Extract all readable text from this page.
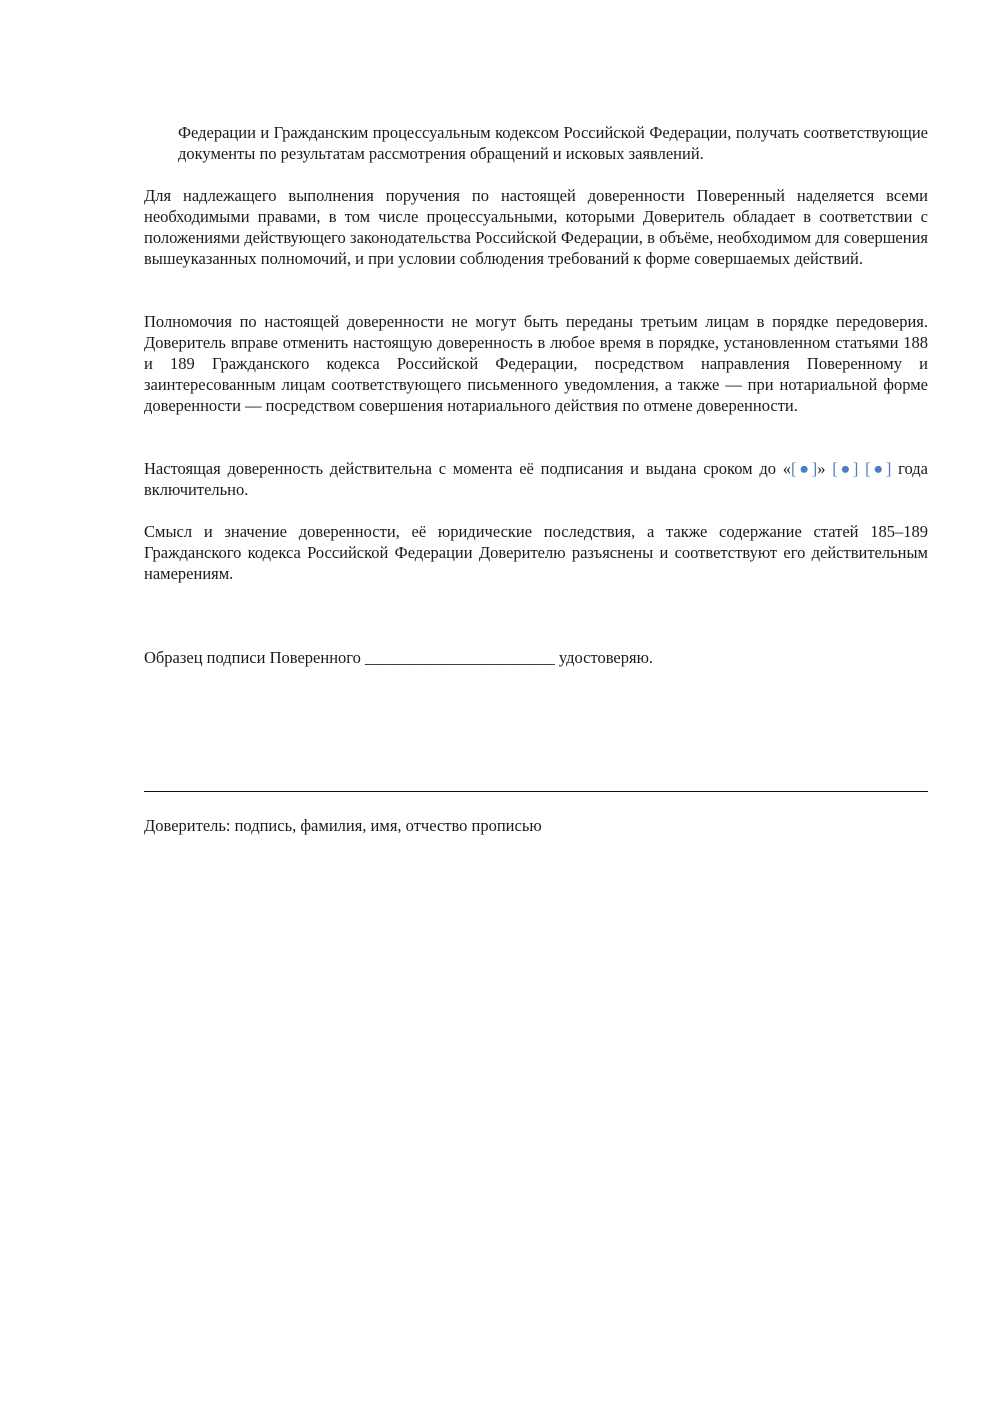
Федерации и Гражданским процессуальным кодексом Российской Федерации, получать соответствующие документы по результатам рассмотрения обращений и исковых заявлений.

Для надлежащего выполнения поручения по настоящей доверенности Поверенный наделяется всеми необходимыми правами, в том числе процессуальными, которыми Доверитель обладает в соответствии с положениями действующего законодательства Российской Федерации, в объёме, необходимом для совершения вышеуказанных полномочий, и при условии соблюдения требований к форме совершаемых действий.

Полномочия по настоящей доверенности не могут быть переданы третьим лицам в порядке передоверия. Доверитель вправе отменить настоящую доверенность в любое время в порядке, установленном статьями 188 и 189 Гражданского кодекса Российской Федерации, посредством направления Поверенному и заинтересованным лицам соответствующего письменного уведомления, а также — при нотариальной форме доверенности — посредством совершения нотариального действия по отмене доверенности.

Настоящая доверенность действительна с момента её подписания и выдана сроком до «[●]» [●] [●] года включительно.

Смысл и значение доверенности, её юридические последствия, а также содержание статей 185–189 Гражданского кодекса Российской Федерации Доверителю разъяснены и соответствуют его действительным намерениям.

Образец подписи Поверенного _______________________ удостоверяю.

Доверитель: подпись, фамилия, имя, отчество прописью
